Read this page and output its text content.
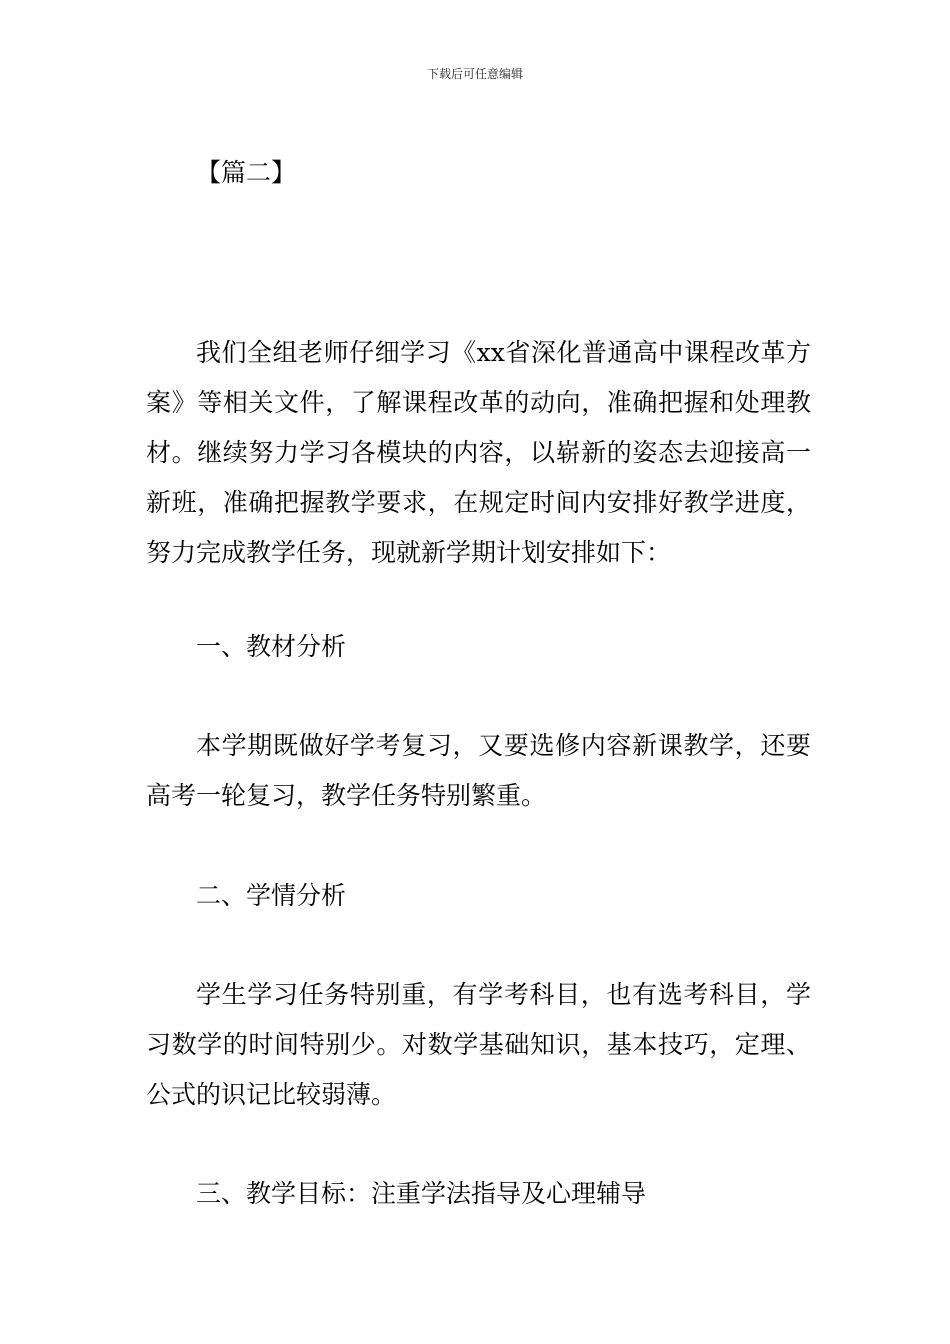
下载后可任意编辑
【篇二】

我们全组老师仔细学习《xx省深化普通高中课程改革方案》等相关文件，了解课程改革的动向，准确把握和处理教材。继续努力学习各模块的内容，以崭新的姿态去迎接高一新班，准确把握教学要求，在规定时间内安排好教学进度，努力完成教学任务，现就新学期计划安排如下：

一、教材分析

本学期既做好学考复习，又要选修内容新课教学，还要高考一轮复习，教学任务特别繁重。

二、学情分析

学生学习任务特别重，有学考科目，也有选考科目，学习数学的时间特别少。对数学基础知识，基本技巧，定理、公式的识记比较弱薄。

三、教学目标：注重学法指导及心理辅导
